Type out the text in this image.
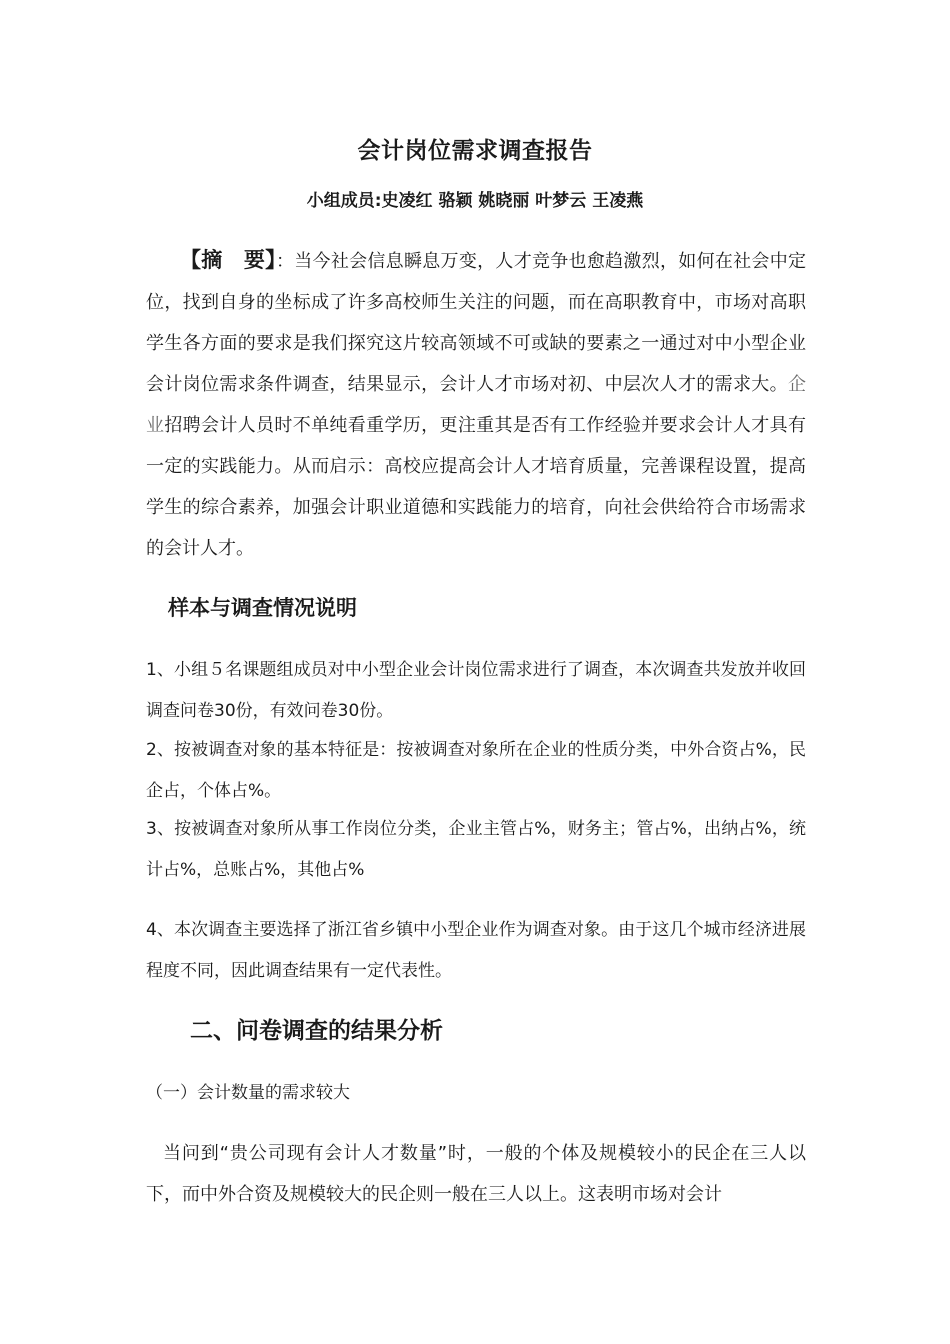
会计岗位需求调查报告
小组成员:史凌红 骆颖 姚晓丽 叶梦云 王凌燕

【摘　要】：当今社会信息瞬息万变，人才竞争也愈趋激烈，如何在社会中定位，找到自身的坐标成了许多高校师生关注的问题，而在高职教育中，市场对高职学生各方面的要求是我们探究这片较高领域不可或缺的要素之一通过对中小型企业会计岗位需求条件调查，结果显示，会计人才市场对初、中层次人才的需求大。企业招聘会计人员时不单纯看重学历，更注重其是否有工作经验并要求会计人才具有一定的实践能力。从而启示：高校应提高会计人才培育质量，完善课程设置，提高学生的综合素养，加强会计职业道德和实践能力的培育，向社会供给符合市场需求的会计人才。

样本与调查情况说明

1、小组５名课题组成员对中小型企业会计岗位需求进行了调查，本次调查共发放并收回调查问卷30份，有效问卷30份。

2、按被调查对象的基本特征是：按被调查对象所在企业的性质分类，中外合资占%，民企占，个体占%。

3、按被调查对象所从事工作岗位分类，企业主管占%，财务主；管占%，出纳占%，统计占%，总账占%，其他占%

4、本次调查主要选择了浙江省乡镇中小型企业作为调查对象。由于这几个城市经济进展程度不同，因此调查结果有一定代表性。

二、问卷调查的结果分析

（一）会计数量的需求较大

当问到“贵公司现有会计人才数量”时，一般的个体及规模较小的民企在三人以下，而中外合资及规模较大的民企则一般在三人以上。这表明市场对会计
